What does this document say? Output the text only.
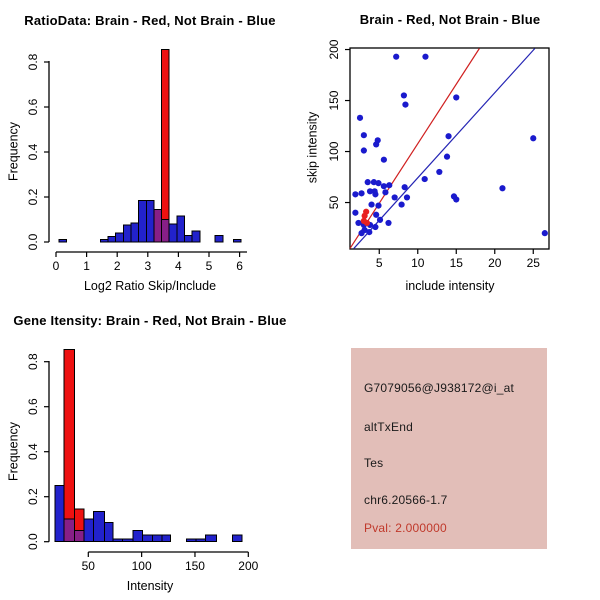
RatioData: Brain - Red, Not Brain - Blue
0 1 2 3 4 5 6
0.0
0.2
0.4
0.6
0.8
Log2 Ratio Skip/Include
Frequency
Brain - Red, Not Brain - Blue
5 10 15 20 25
50
100
150
200
include intensity
skip intensity
Gene Itensity: Brain - Red, Not Brain - Blue
50	100	150	200
0.0
0.2
0.4
0.6
0.8
Intensity
Frequency
G7079056@J938172@i_at
altTxEnd
Tes
chr6.20566-1.7
Pval: 2.000000
